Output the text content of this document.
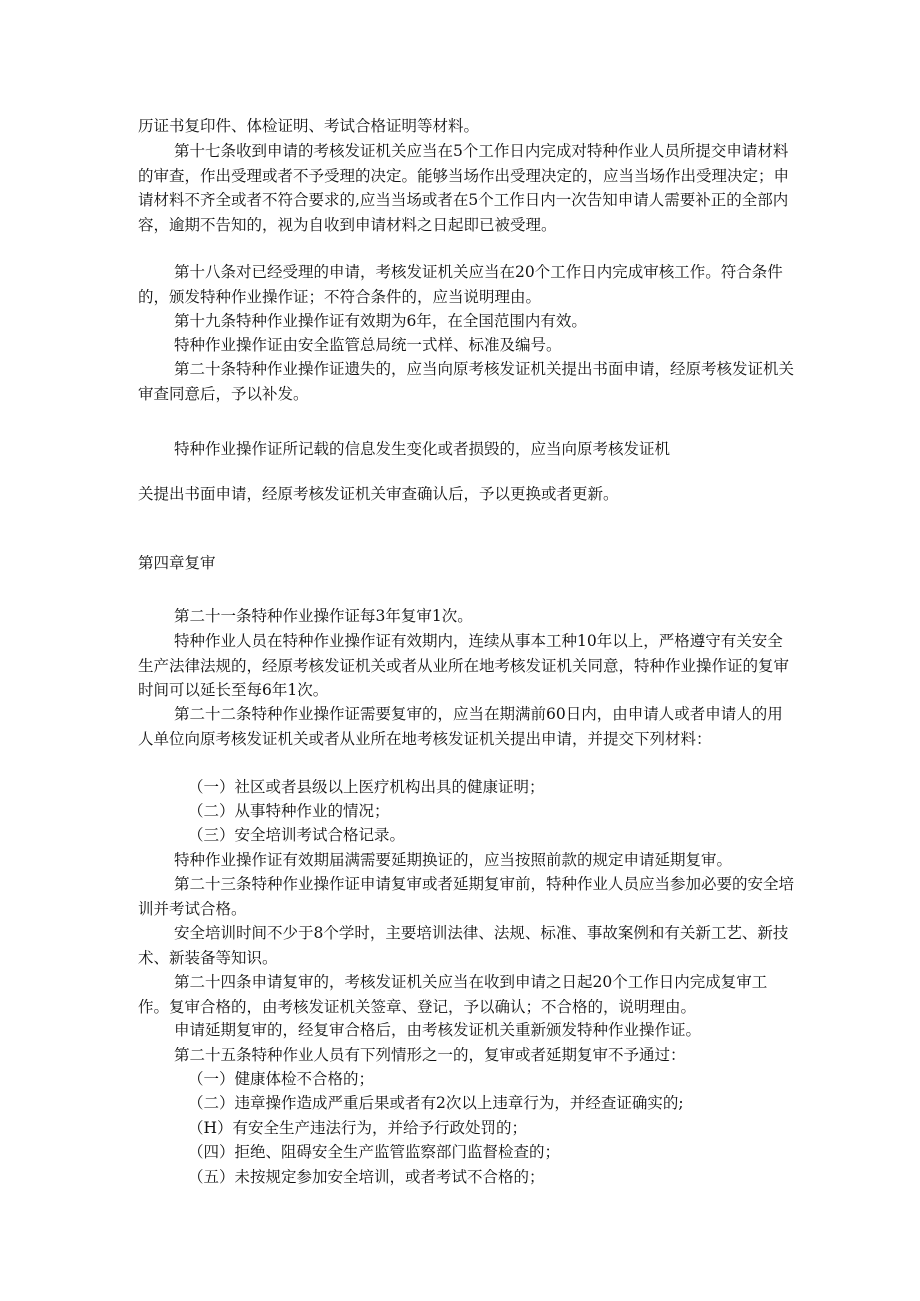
历证书复印件、体检证明、考试合格证明等材料。

第十七条收到申请的考核发证机关应当在5个工作日内完成对特种作业人员所提交申请材料的审查，作出受理或者不予受理的决定。能够当场作出受理决定的，应当当场作出受理决定；申请材料不齐全或者不符合要求的,应当当场或者在5个工作日内一次告知申请人需要补正的全部内容，逾期不告知的，视为自收到申请材料之日起即已被受理。

第十八条对已经受理的申请，考核发证机关应当在20个工作日内完成审核工作。符合条件的，颁发特种作业操作证；不符合条件的，应当说明理由。

第十九条特种作业操作证有效期为6年，在全国范围内有效。

特种作业操作证由安全监管总局统一式样、标准及编号。

第二十条特种作业操作证遗失的，应当向原考核发证机关提出书面申请，经原考核发证机关审查同意后，予以补发。

特种作业操作证所记载的信息发生变化或者损毁的，应当向原考核发证机

关提出书面申请，经原考核发证机关审查确认后，予以更换或者更新。

第四章复审

第二十一条特种作业操作证每3年复审1次。

特种作业人员在特种作业操作证有效期内，连续从事本工种10年以上，严格遵守有关安全生产法律法规的，经原考核发证机关或者从业所在地考核发证机关同意，特种作业操作证的复审时间可以延长至每6年1次。

第二十二条特种作业操作证需要复审的，应当在期满前60日内，由申请人或者申请人的用人单位向原考核发证机关或者从业所在地考核发证机关提出申请，并提交下列材料：

（一）社区或者县级以上医疗机构出具的健康证明；

（二）从事特种作业的情况；

（三）安全培训考试合格记录。

特种作业操作证有效期届满需要延期换证的，应当按照前款的规定申请延期复审。

第二十三条特种作业操作证申请复审或者延期复审前，特种作业人员应当参加必要的安全培训并考试合格。

安全培训时间不少于8个学时，主要培训法律、法规、标准、事故案例和有关新工艺、新技术、新装备等知识。

第二十四条申请复审的，考核发证机关应当在收到申请之日起20个工作日内完成复审工作。复审合格的，由考核发证机关签章、登记，予以确认；不合格的，说明理由。

申请延期复审的，经复审合格后，由考核发证机关重新颁发特种作业操作证。

第二十五条特种作业人员有下列情形之一的，复审或者延期复审不予通过：

（一）健康体检不合格的；

（二）违章操作造成严重后果或者有2次以上违章行为，并经查证确实的;

（H）有安全生产违法行为，并给予行政处罚的；

（四）拒绝、阻碍安全生产监管监察部门监督检查的；

（五）未按规定参加安全培训，或者考试不合格的；
